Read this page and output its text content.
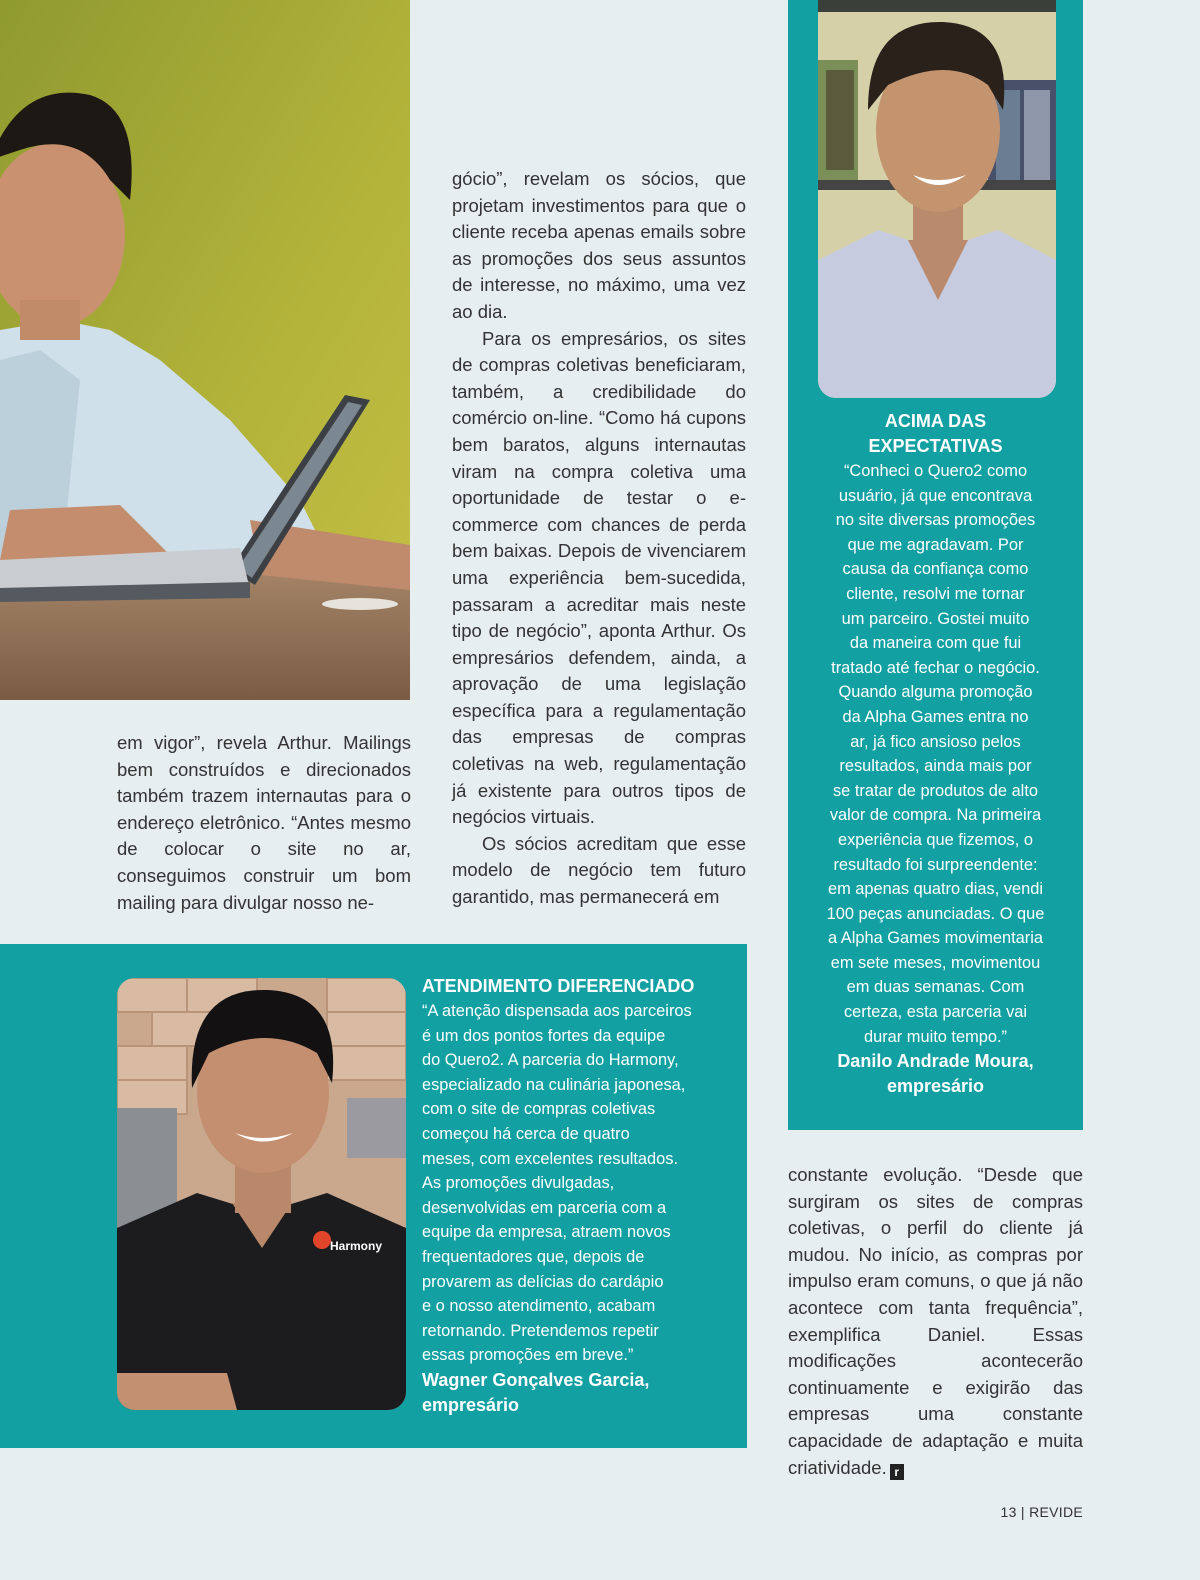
ACIMA DAS

EXPECTATIVAS

“Conheci o Quero2 como

usuário, já que encontrava

no site diversas promoções

que me agradavam. Por

causa da confiança como

cliente, resolvi me tornar

um parceiro. Gostei muito

da maneira com que fui

tratado até fechar o negócio.

Quando alguma promoção

da Alpha Games entra no

ar, já fico ansioso pelos

resultados, ainda mais por

se tratar de produtos de alto

valor de compra. Na primeira

experiência que fizemos, o

resultado foi surpreendente:

em apenas quatro dias, vendi

100 peças anunciadas. O que

a Alpha Games movimentaria

em sete meses, movimentou

em duas semanas. Com

certeza, esta parceria vai

durar muito tempo.”

Danilo Andrade Moura,

empresário

em vigor”, revela Arthur. Mailings bem construídos e direcionados também trazem internautas para o endereço eletrônico. “Antes mesmo de colocar o site no ar, conseguimos construir um bom mailing para divulgar nosso ne-

gócio”, revelam os sócios, que projetam investimentos para que o cliente receba apenas emails sobre as promoções dos seus assuntos de interesse, no máximo, uma vez ao dia.

Para os empresários, os sites de compras coletivas beneficiaram, também, a credibilidade do comércio on-line. “Como há cupons bem baratos, alguns internautas viram na compra coletiva uma oportunidade de testar o e-commerce com chances de perda bem baixas. Depois de vivenciarem uma experiência bem-sucedida, passaram a acreditar mais neste tipo de negócio”, aponta Arthur. Os empresários defendem, ainda, a aprovação de uma legislação específica para a regulamentação das empresas de compras coletivas na web, regulamentação já existente para outros tipos de negócios virtuais.

Os sócios acreditam que esse modelo de negócio tem futuro garantido, mas permanecerá em

Harmony

ATENDIMENTO DIFERENCIADO

“A atenção dispensada aos parceiros

é um dos pontos fortes da equipe

do Quero2. A parceria do Harmony,

especializado na culinária japonesa,

com o site de compras coletivas

começou há cerca de quatro

meses, com excelentes resultados.

As promoções divulgadas,

desenvolvidas em parceria com a

equipe da empresa, atraem novos

frequentadores que, depois de

provarem as delícias do cardápio

e o nosso atendimento, acabam

retornando. Pretendemos repetir

essas promoções em breve.”

Wagner Gonçalves Garcia,

empresário

constante evolução. “Desde que surgiram os sites de compras coletivas, o perfil do cliente já mudou. No início, as compras por impulso eram comuns, o que já não acontece com tanta frequência”, exemplifica Daniel. Essas modificações acontecerão continuamente e exigirão das empresas uma constante capacidade de adaptação e muita criatividade. r

13 | REVIDE
